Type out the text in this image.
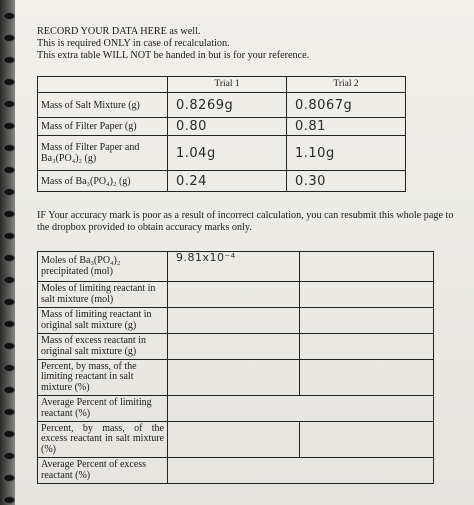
RECORD YOUR DATA HERE as well.
This is required ONLY in case of recalculation.
This extra table WILL NOT be handed in but is for your reference.
	Trial 1	Trial 2
Mass of Salt Mixture (g)	0.8269g	0.8067g
Mass of Filter Paper (g)	0.80	0.81
Mass of Filter Paper and Ba₃(PO₄)₂ (g)	1.04g	1.10g
Mass of Ba₃(PO₄)₂ (g)	0.24	0.30
IF Your accuracy mark is poor as a result of incorrect calculation, you can resubmit this whole page to the dropbox provided to obtain accuracy marks only.
Moles of Ba₃(PO₄)₂ precipitated (mol)	9.81x10⁻⁴	
Moles of limiting reactant in salt mixture (mol)		
Mass of limiting reactant in original salt mixture (g)		
Mass of excess reactant in original salt mixture (g)		
Percent, by mass, of the limiting reactant in salt mixture (%)		
Average Percent of limiting reactant (%)		

Percent, by mass, of the excess reactant in salt mixture (%)		

Average Percent of excess reactant (%)		
